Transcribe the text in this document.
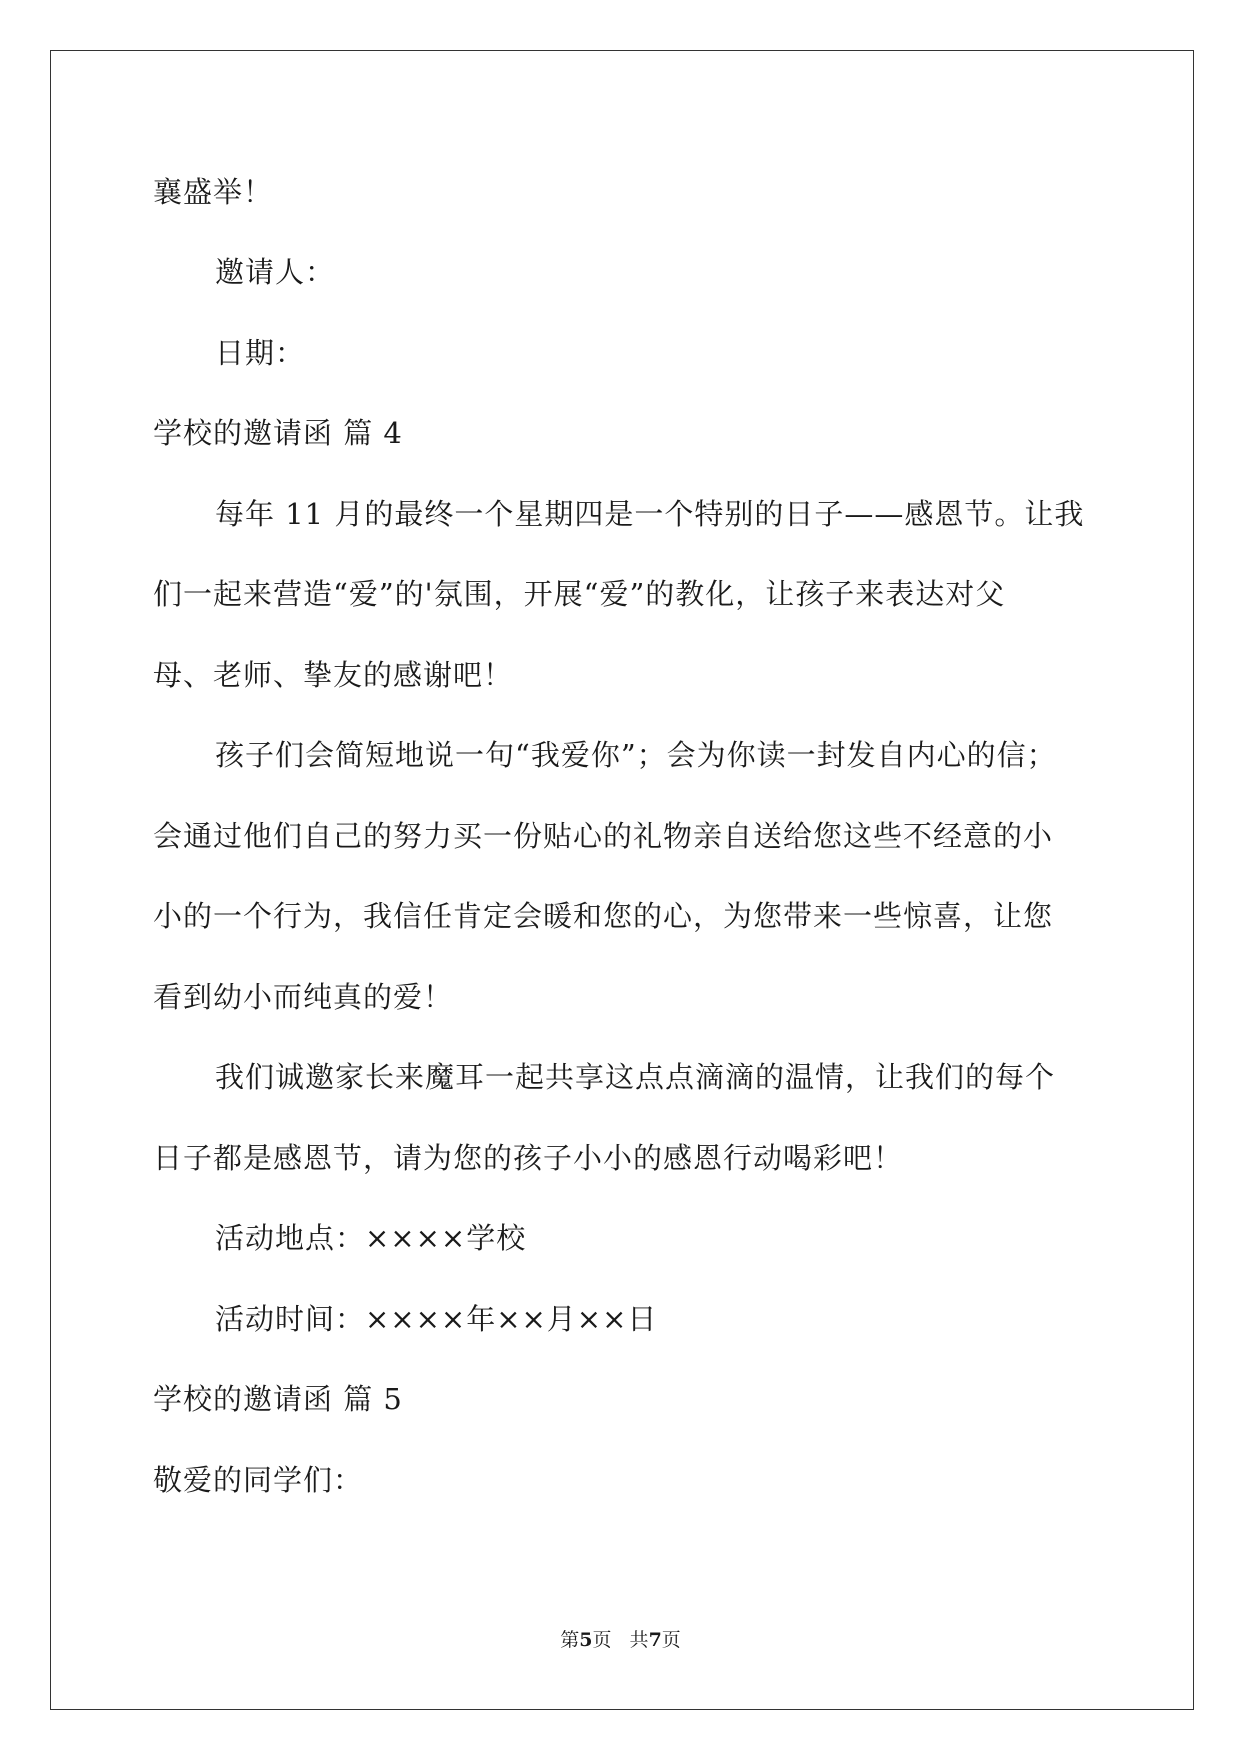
襄盛举！
邀请人：
日期：
学校的邀请函 篇 4
每年 11 月的最终一个星期四是一个特别的日子——感恩节。让我
们一起来营造“爱”的'氛围，开展“爱”的教化，让孩子来表达对父
母、老师、挚友的感谢吧！
孩子们会简短地说一句“我爱你”；会为你读一封发自内心的信；
会通过他们自己的努力买一份贴心的礼物亲自送给您这些不经意的小
小的一个行为，我信任肯定会暖和您的心，为您带来一些惊喜，让您
看到幼小而纯真的爱！
我们诚邀家长来魔耳一起共享这点点滴滴的温情，让我们的每个
日子都是感恩节，请为您的孩子小小的感恩行动喝彩吧！
活动地点：××××学校
活动时间：××××年××月××日
学校的邀请函 篇 5
敬爱的同学们：
第5页   共7页
